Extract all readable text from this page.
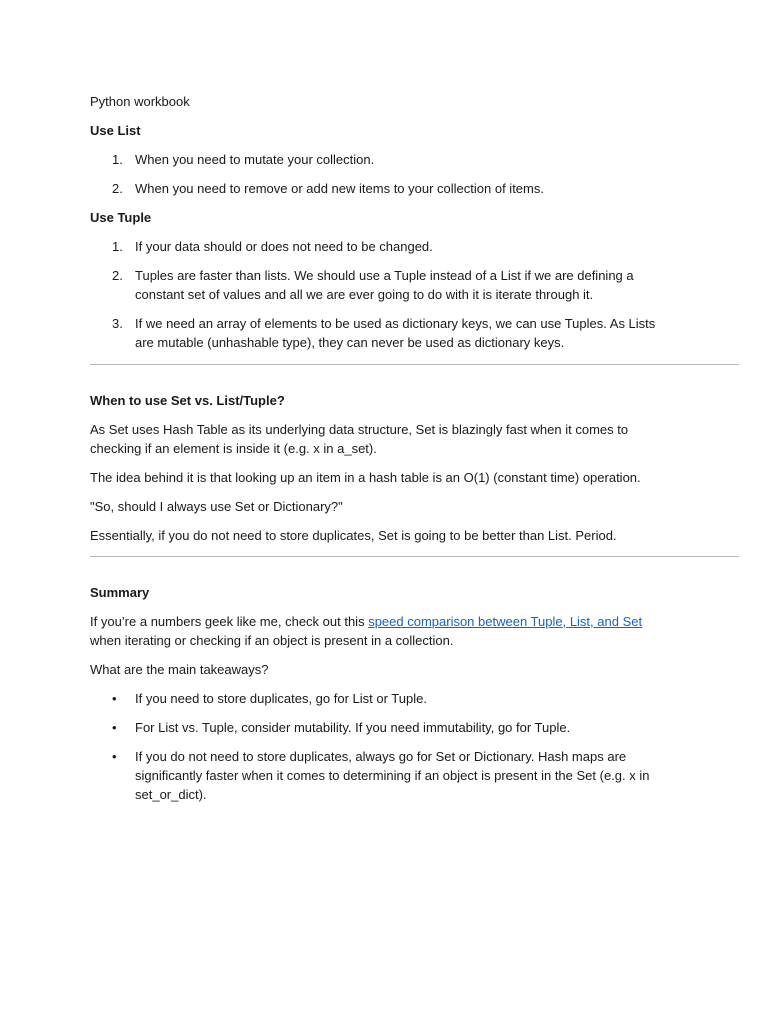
Python workbook

Use List

1. When you need to mutate your collection.
2. When you need to remove or add new items to your collection of items.

Use Tuple

1. If your data should or does not need to be changed.
2. Tuples are faster than lists. We should use a Tuple instead of a List if we are defining a constant set of values and all we are ever going to do with it is iterate through it.
3. If we need an array of elements to be used as dictionary keys, we can use Tuples. As Lists are mutable (unhashable type), they can never be used as dictionary keys.

When to use Set vs. List/Tuple?

As Set uses Hash Table as its underlying data structure, Set is blazingly fast when it comes to checking if an element is inside it (e.g. x in a_set).

The idea behind it is that looking up an item in a hash table is an O(1) (constant time) operation.

"So, should I always use Set or Dictionary?"

Essentially, if you do not need to store duplicates, Set is going to be better than List. Period.

Summary

If you’re a numbers geek like me, check out this speed comparison between Tuple, List, and Set when iterating or checking if an object is present in a collection.

What are the main takeaways?

•	If you need to store duplicates, go for List or Tuple.
•	For List vs. Tuple, consider mutability. If you need immutability, go for Tuple.
•	If you do not need to store duplicates, always go for Set or Dictionary. Hash maps are significantly faster when it comes to determining if an object is present in the Set (e.g. x in set_or_dict).
